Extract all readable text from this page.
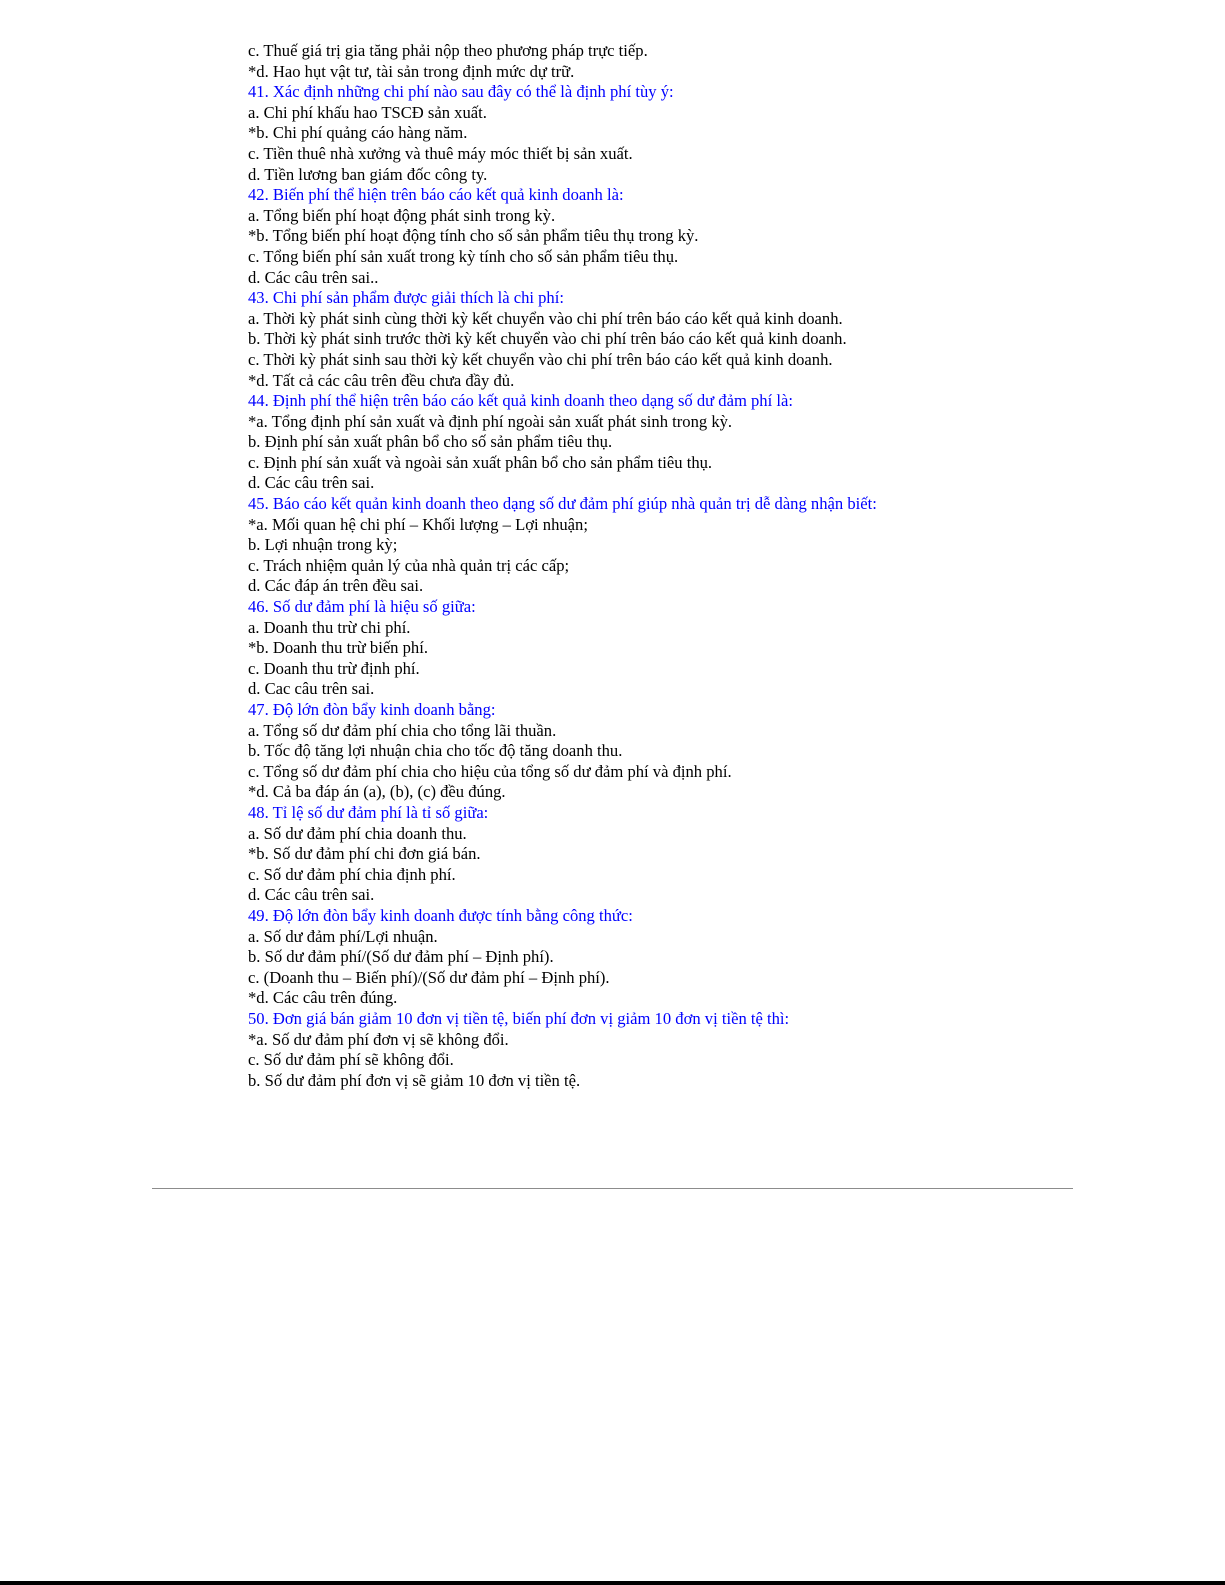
c. Thuế giá trị gia tăng phải nộp theo phương pháp trực tiếp.
*d. Hao hụt vật tư, tài sản trong định mức dự trữ.
41. Xác định những chi phí nào sau đây có thể là định phí tùy ý:
a. Chi phí khấu hao TSCĐ sản xuất.
*b. Chi phí quảng cáo hàng năm.
c. Tiền thuê nhà xưởng và thuê máy móc thiết bị sản xuất.
d. Tiền lương ban giám đốc công ty.
42. Biến phí thể hiện trên báo cáo kết quả kinh doanh là:
a. Tổng biến phí hoạt động phát sinh trong kỳ.
*b. Tổng biến phí hoạt động tính cho số sản phẩm tiêu thụ trong kỳ.
c. Tổng biến phí sản xuất trong kỳ tính cho số sản phẩm tiêu thụ.
d. Các câu trên sai..
43. Chi phí sản phẩm được giải thích là chi phí:
a. Thời kỳ phát sinh cùng thời kỳ kết chuyển vào chi phí trên báo cáo kết quả kinh doanh.
b. Thời kỳ phát sinh trước thời kỳ kết chuyển vào chi phí trên báo cáo kết quả kinh doanh.
c. Thời kỳ phát sinh sau thời kỳ kết chuyển vào chi phí trên báo cáo kết quả kinh doanh.
*d. Tất cả các câu trên đều chưa đầy đủ.
44. Định phí thể hiện trên báo cáo kết quả kinh doanh theo dạng số dư đảm phí là:
*a. Tổng định phí sản xuất và định phí ngoài sản xuất phát sinh trong kỳ.
b. Định phí sản xuất phân bổ cho số sản phẩm tiêu thụ.
c. Định phí sản xuất và ngoài sản xuất phân bổ cho sản phẩm tiêu thụ.
d. Các câu trên sai.
45. Báo cáo kết quản kinh doanh theo dạng số dư đảm phí giúp nhà quản trị dễ dàng nhận biết:
*a. Mối quan hệ chi phí – Khối lượng – Lợi nhuận;
b. Lợi nhuận trong kỳ;
c. Trách nhiệm quản lý của nhà quản trị các cấp;
d. Các đáp án trên đều sai.
46. Số dư đảm phí là hiệu số giữa:
a. Doanh thu trừ chi phí.
*b. Doanh thu trừ biến phí.
c. Doanh thu trừ định phí.
d. Cac câu trên sai.
47. Độ lớn đòn bẩy kinh doanh bằng:
a. Tổng số dư đảm phí chia cho tổng lãi thuần.
b. Tốc độ tăng lợi nhuận chia cho tốc độ tăng doanh thu.
c. Tổng số dư đảm phí chia cho hiệu của tổng số dư đảm phí và định phí.
*d. Cả ba đáp án (a), (b), (c) đều đúng.
48. Tỉ lệ số dư đảm phí là tỉ số giữa:
a. Số dư đảm phí chia doanh thu.
*b. Số dư đảm phí chi đơn giá bán.
c. Số dư đảm phí chia định phí.
d. Các câu trên sai.
49. Độ lớn đòn bẩy kinh doanh được tính bằng công thức:
a. Số dư đảm phí/Lợi nhuận.
b. Số dư đảm phí/(Số dư đảm phí – Định phí).
c. (Doanh thu – Biến phí)/(Số dư đảm phí – Định phí).
*d. Các câu trên đúng.
50. Đơn giá bán giảm 10 đơn vị tiền tệ, biến phí đơn vị giảm 10 đơn vị tiền tệ thì:
*a. Số dư đảm phí đơn vị sẽ không đổi.
c. Số dư đảm phí sẽ không đổi.
b. Số dư đảm phí đơn vị sẽ giảm 10 đơn vị tiền tệ.
